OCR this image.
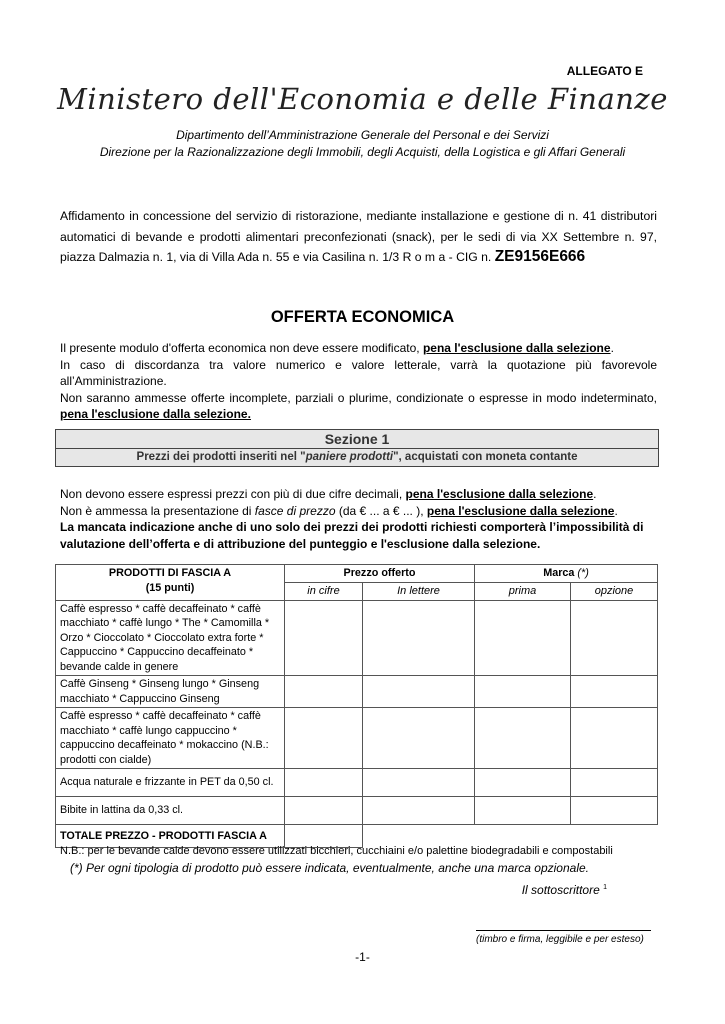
ALLEGATO E
Ministero dell'Economia e delle Finanze
Dipartimento dell’Amministrazione Generale del Personal e dei Servizi
Direzione per la Razionalizzazione degli Immobili, degli Acquisti, della Logistica e gli Affari Generali
Affidamento in concessione del servizio di ristorazione, mediante installazione e gestione di n. 41 distributori automatici di bevande e prodotti alimentari preconfezionati (snack), per le sedi di via XX Settembre n. 97, piazza Dalmazia n. 1, via di Villa Ada n. 55 e via Casilina n. 1/3 R o m a - CIG n. ZE9156E666
OFFERTA ECONOMICA
Il presente modulo d'offerta economica non deve essere modificato, pena l'esclusione dalla selezione.
In caso di discordanza tra valore numerico e valore letterale, varrà la quotazione più favorevole all’Amministrazione.
Non saranno ammesse offerte incomplete, parziali o plurime, condizionate o espresse in modo indeterminato, pena l'esclusione dalla selezione.
Sezione 1
Prezzi dei prodotti inseriti nel "paniere prodotti", acquistati con moneta contante
Non devono essere espressi prezzi con più di due cifre decimali, pena l'esclusione dalla selezione.
Non è ammessa la presentazione di fasce di prezzo (da € ... a € ... ), pena l'esclusione dalla selezione.
La mancata indicazione anche di uno solo dei prezzi dei prodotti richiesti comporterà l’impossibilità di valutazione dell’offerta e di attribuzione del punteggio e l'esclusione dalla selezione.
PRODOTTI DI FASCIA A
(15 punti)	Prezzo offerto		Marca (*)	
	in cifre	In lettere	prima	opzione
Caffè espresso * caffè decaffeinato * caffè macchiato * caffè lungo * The * Camomilla * Orzo * Cioccolato * Cioccolato extra forte * Cappuccino * Cappuccino decaffeinato * bevande calde in genere				
Caffè Ginseng * Ginseng lungo * Ginseng macchiato * Cappuccino Ginseng				
Caffè espresso * caffè decaffeinato * caffè macchiato * caffè lungo cappuccino * cappuccino decaffeinato * mokaccino (N.B.: prodotti con cialde)				
Acqua naturale e frizzante in PET da 0,50 cl.				
Bibite in lattina da 0,33 cl.				
TOTALE PREZZO - PRODOTTI FASCIA A				
N.B.: per le bevande calde devono essere utilizzati bicchieri, cucchiaini e/o palettine biodegradabili e compostabili
(*) Per ogni tipologia di prodotto può essere indicata, eventualmente, anche una marca opzionale.
Il sottoscrittore $^1$
(timbro e firma, leggibile e per esteso)
-1-
